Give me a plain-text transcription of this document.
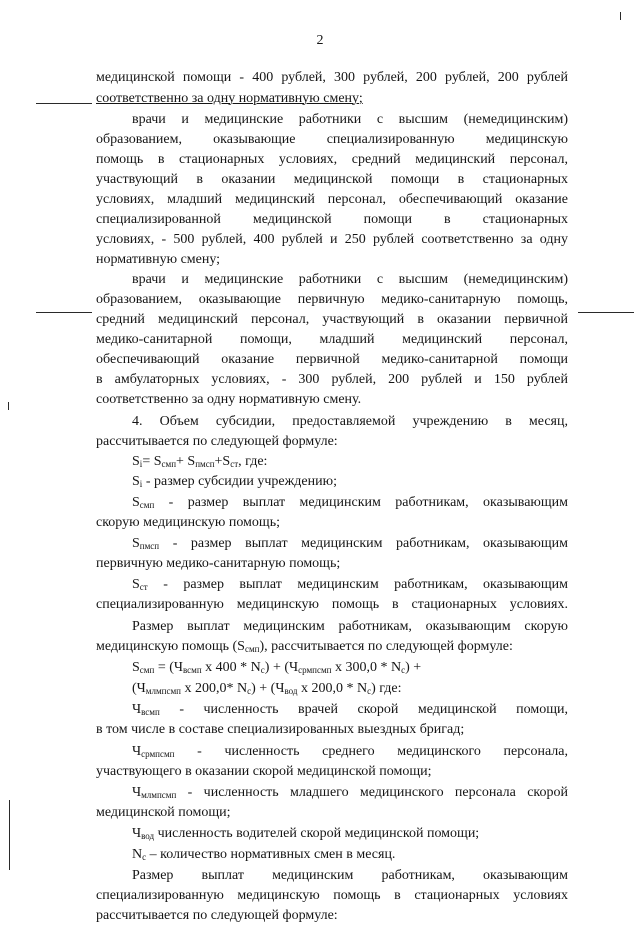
2
медицинской помощи - 400 рублей, 300 рублей, 200 рублей, 200 рублей
соответственно за одну нормативную смену;
врачи и медицинские работники с высшим (немедицинским)
образованием, оказывающие специализированную медицинскую
помощь в стационарных условиях, средний медицинский персонал,
участвующий в оказании медицинской помощи в стационарных
условиях, младший медицинский персонал, обеспечивающий оказание
специализированной медицинской помощи в стационарных
условиях, - 500 рублей, 400 рублей и 250 рублей соответственно за одну
нормативную смену;
врачи и медицинские работники с высшим (немедицинским)
образованием, оказывающие первичную медико-санитарную помощь,
средний медицинский персонал, участвующий в оказании первичной
медико-санитарной помощи, младший медицинский персонал,
обеспечивающий оказание первичной медико-санитарной помощи
в амбулаторных условиях, - 300 рублей, 200 рублей и 150 рублей
соответственно за одну нормативную смену.
4. Объем субсидии, предоставляемой учреждению в месяц,
рассчитывается по следующей формуле:
$S_i= S_{смп}+ S_{пмсп}+S_{ст}$, где:
$S_i$ - размер субсидии учреждению;
$S_{смп}$ - размер выплат медицинским работникам, оказывающим
скорую медицинскую помощь;
$S_{пмсп}$ - размер выплат медицинским работникам, оказывающим
первичную медико-санитарную помощь;
$S_{ст}$ - размер выплат медицинским работникам, оказывающим
специализированную медицинскую помощь в стационарных условиях.
Размер выплат медицинским работникам, оказывающим скорую
медицинскую помощь $(S_{смп})$, рассчитывается по следующей формуле:
$S_{смп} = (Ч_{всмп}$ х $400 * N_с) + (Ч_{срмпсмп}$ х $300,0 * N_с$) +
($Ч_{млмпсмп}$ х 200,0* $N_с) + (Ч_{вод}$ х $200,0 * N_с$) где:
$Ч_{всмп}$ - численность врачей скорой медицинской помощи,
в том числе в составе специализированных выездных бригад;
$Ч_{срмпсмп}$ - численность среднего медицинского персонала,
участвующего в оказании скорой медицинской помощи;
$Ч_{млмпсмп}$ - численность младшего медицинского персонала скорой
медицинской помощи;
$Ч_{вод}$ численность водителей скорой медицинской помощи;
$N_с$ – количество нормативных смен в месяц.
Размер выплат медицинским работникам, оказывающим
специализированную медицинскую помощь в стационарных условиях
рассчитывается по следующей формуле:
